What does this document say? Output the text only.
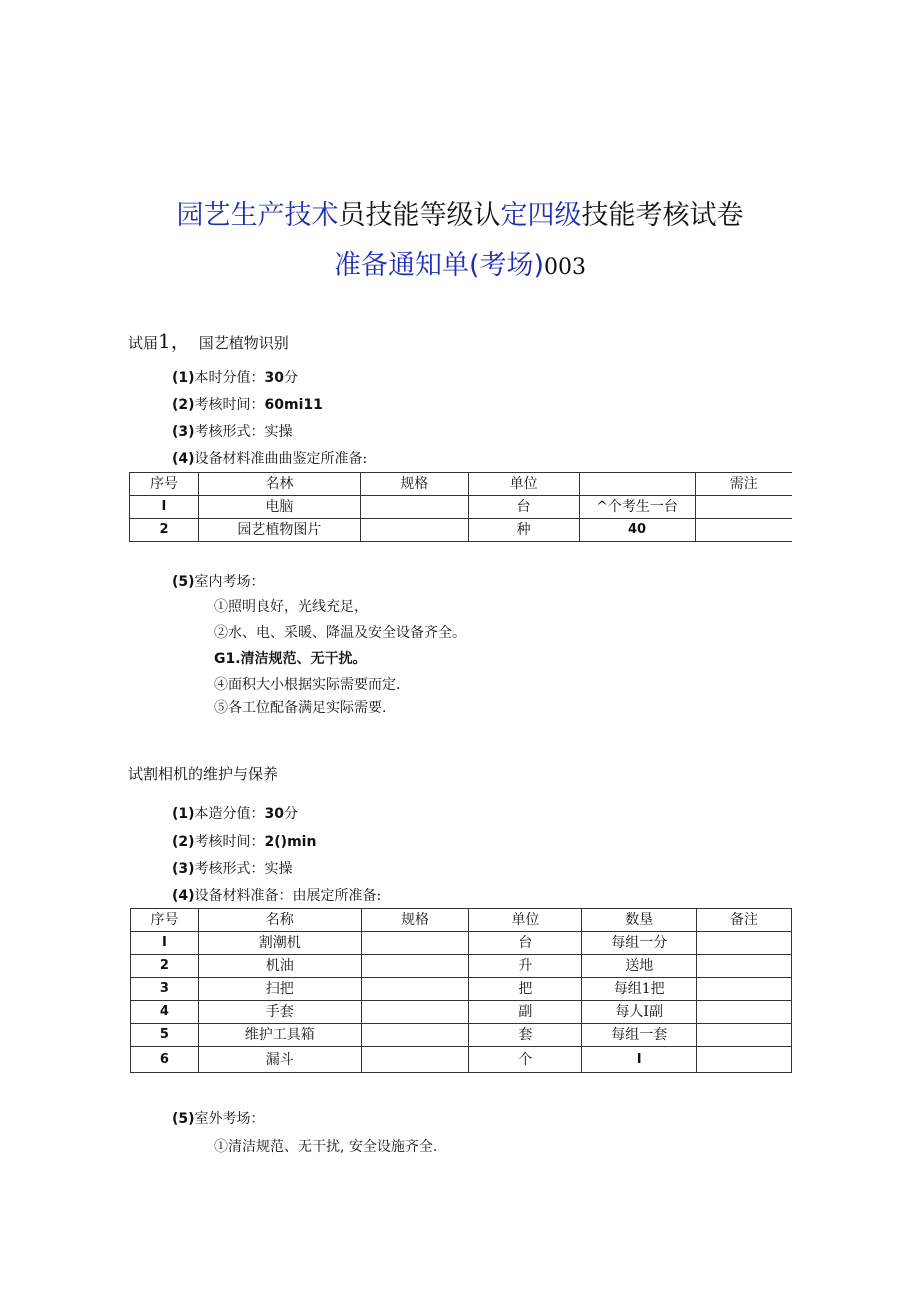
园艺生产技术员技能等级认定四级技能考核试卷
准备通知单(考场)003
试届1， 国艺植物识别
(1)本时分值：30分
(2)考核时间：60mi11
(3)考核形式：实操
(4)设备材料准曲曲鉴定所准备:
序号	名林	规格	单位		需注
I	电脑		台	^个考生一台	
2	园艺植物图片		种	40	
(5)室内考场：
①照明良好，光线充足，
②水、电、采暖、降温及安全设备齐全。
G1.清洁规范、无干扰。
④面积大小根据实际需要而定.
⑤各工位配备满足实际需要.
试割相机的维护与保养
(1)本造分值：30分
(2)考核时间：2()min
(3)考核形式：实操
(4)设备材料准备：由展定所准备:
序号	名称	规格	单位	数垦	备注
I	割潮机		台	每组一分	
2	机油		升	送地	
3	扫把		把	每组1把	
4	手套		副	每人I副	
5	维护工具箱		套	每组一套	
6	漏斗		个	I	
(5)室外考场：
①清洁规范、无干扰, 安全设施齐全.
